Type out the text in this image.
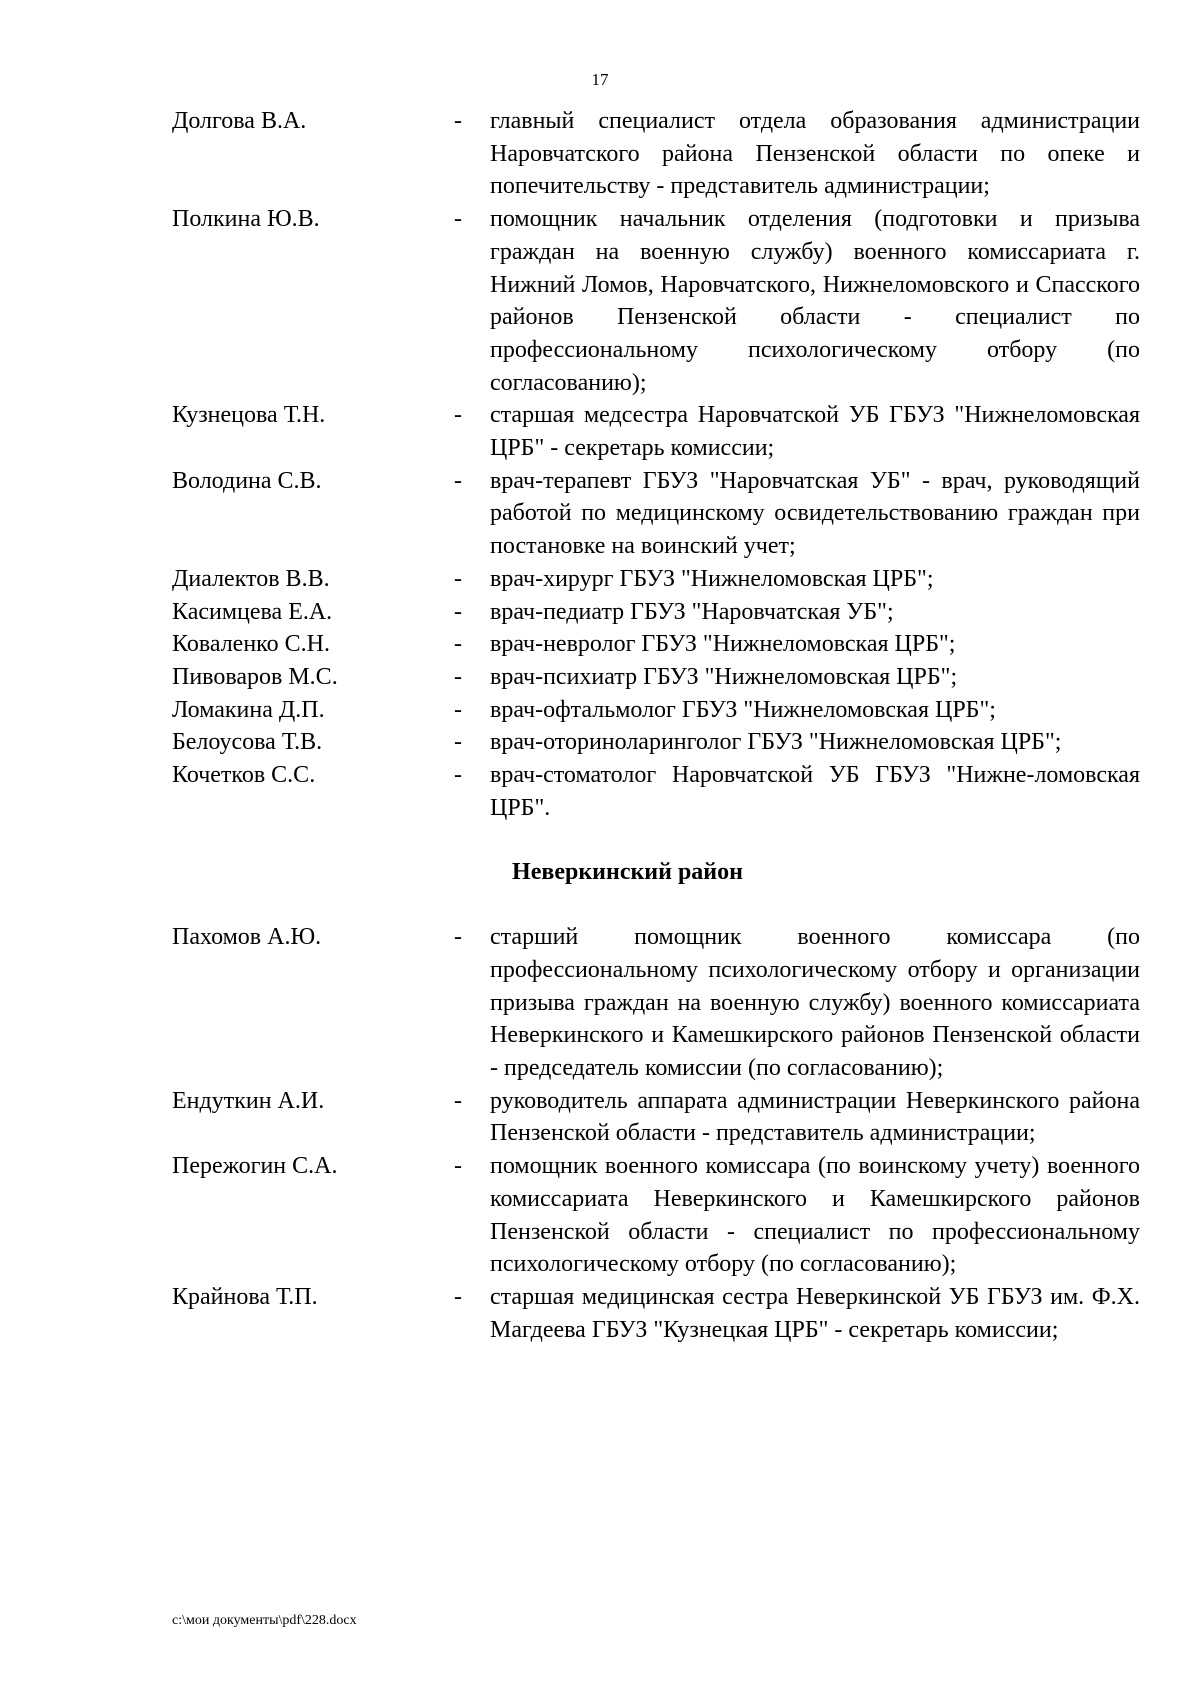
17
Долгова В.А.	- главный специалист отдела образования администрации Наровчатского района Пензенской области по опеке и попечительству - представитель администрации;
Полкина Ю.В.	- помощник начальник отделения (подготовки и призыва граждан на военную службу) военного комиссариата г. Нижний Ломов, Наровчатского, Нижнеломовского и Спасского районов Пензенской области - специалист по профессиональному психологическому отбору (по согласованию);
Кузнецова Т.Н.	- старшая медсестра Наровчатской УБ ГБУЗ "Нижнеломовская ЦРБ" - секретарь комиссии;
Володина С.В.	- врач-терапевт ГБУЗ "Наровчатская УБ" - врач, руководящий работой по медицинскому освидетельствованию граждан при постановке на воинский учет;
Диалектов В.В.	- врач-хирург ГБУЗ "Нижнеломовская ЦРБ";
Касимцева Е.А.	- врач-педиатр ГБУЗ "Наровчатская УБ";
Коваленко С.Н.	- врач-невролог ГБУЗ "Нижнеломовская ЦРБ";
Пивоваров М.С.	- врач-психиатр ГБУЗ "Нижнеломовская ЦРБ";
Ломакина Д.П.	- врач-офтальмолог ГБУЗ "Нижнеломовская ЦРБ";
Белоусова Т.В.	- врач-оториноларинголог ГБУЗ "Нижнеломовская ЦРБ";
Кочетков С.С.	- врач-стоматолог Наровчатской УБ ГБУЗ "Нижне-ломовская ЦРБ".
Неверкинский район
Пахомов А.Ю.	- старший помощник военного комиссара (по профессиональному психологическому отбору и организации призыва граждан на военную службу) военного комиссариата Неверкинского и Камешкирского районов Пензенской области - председатель комиссии (по согласованию);
Ендуткин А.И.	- руководитель аппарата администрации Неверкинского района Пензенской области - представитель администрации;
Пережогин С.А.	- помощник военного комиссара (по воинскому учету) военного комиссариата Неверкинского и Камешкирского районов Пензенской области - специалист по профессиональному психологическому отбору (по согласованию);
Крайнова Т.П.	- старшая медицинская сестра Неверкинской УБ ГБУЗ им. Ф.Х. Магдеева ГБУЗ "Кузнецкая ЦРБ" - секретарь комиссии;
c:\мои документы\pdf\228.docx
